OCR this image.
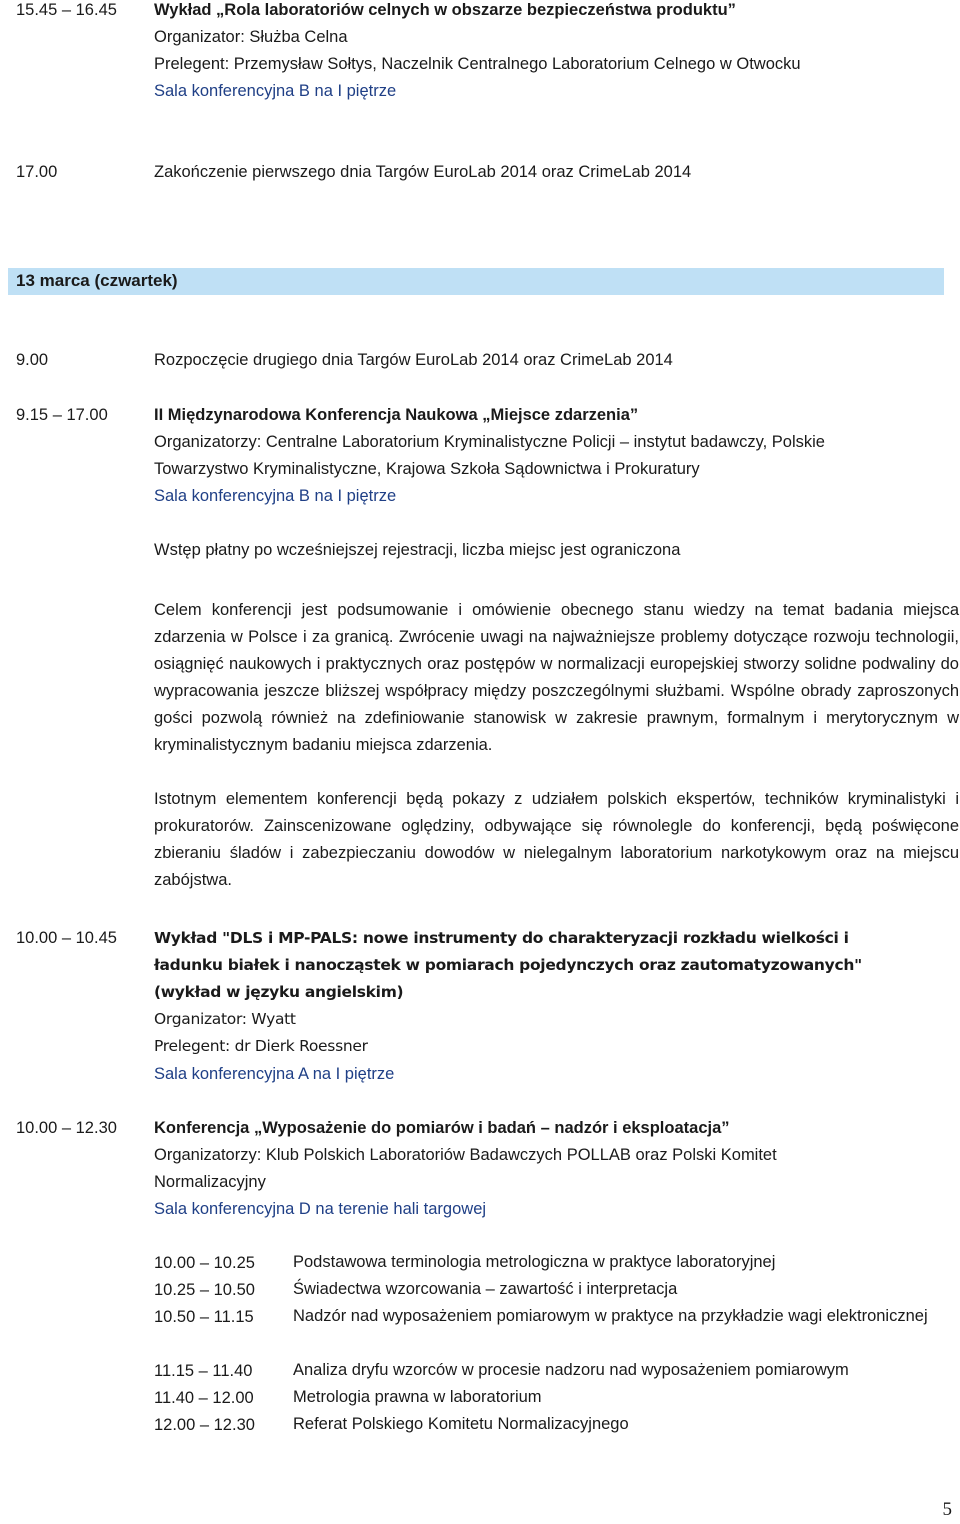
15.45 – 16.45 Wykład „Rola laboratoriów celnych w obszarze bezpieczeństwa produktu”
Organizator: Służba Celna
Prelegent: Przemysław Sołtys, Naczelnik Centralnego Laboratorium Celnego w Otwocku
Sala konferencyjna B na I piętrze
17.00	Zakończenie pierwszego dnia Targów EuroLab 2014 oraz CrimeLab 2014
13 marca (czwartek)
9.00	Rozpoczęcie drugiego dnia Targów EuroLab 2014 oraz CrimeLab 2014
9.15 – 17.00	II Międzynarodowa Konferencja Naukowa „Miejsce zdarzenia”
Organizatorzy: Centralne Laboratorium Kryminalistyczne Policji – instytut badawczy, Polskie
Towarzystwo Kryminalistyczne, Krajowa Szkoła Sądownictwa i Prokuratury
Sala konferencyjna B na I piętrze
Wstęp płatny po wcześniejszej rejestracji, liczba miejsc jest ograniczona
Celem konferencji jest podsumowanie i omówienie obecnego stanu wiedzy na temat badania miejsca zdarzenia w Polsce i za granicą. Zwrócenie uwagi na najważniejsze problemy dotyczące rozwoju technologii, osiągnięć naukowych i praktycznych oraz postępów w normalizacji europejskiej stworzy solidne podwaliny do wypracowania jeszcze bliższej współpracy między poszczególnymi służbami. Wspólne obrady zaproszonych gości pozwolą również na zdefiniowanie stanowisk w zakresie prawnym, formalnym i merytorycznym w kryminalistycznym badaniu miejsca zdarzenia.
Istotnym elementem konferencji będą pokazy z udziałem polskich ekspertów, techników kryminalistyki i prokuratorów. Zainscenizowane oględziny, odbywające się równolegle do konferencji, będą poświęcone zbieraniu śladów i zabezpieczaniu dowodów w nielegalnym laboratorium narkotykowym oraz na miejscu zabójstwa.
10.00 – 10.45 Wykład "DLS i MP-PALS: nowe instrumenty do charakteryzacji rozkładu wielkości i
ładunku białek i nanocząstek w pomiarach pojedynczych oraz zautomatyzowanych"
(wykład w języku angielskim)
Organizator: Wyatt
Prelegent: dr Dierk Roessner
Sala konferencyjna A na I piętrze
10.00 – 12.30 Konferencja „Wyposażenie do pomiarów i badań – nadzór i eksploatacja”
Organizatorzy: Klub Polskich Laboratoriów Badawczych POLLAB oraz Polski Komitet
Normalizacyjny
Sala konferencyjna D na terenie hali targowej
10.00 – 10.25 Podstawowa terminologia metrologiczna w praktyce laboratoryjnej
10.25 – 10.50 Świadectwa wzorcowania – zawartość i interpretacja
10.50 – 11.15 Nadzór nad wyposażeniem pomiarowym w praktyce na przykładzie wagi elektronicznej
11.15 – 11.40 Analiza dryfu wzorców w procesie nadzoru nad wyposażeniem pomiarowym
11.40 – 12.00 Metrologia prawna w laboratorium
12.00 – 12.30 Referat Polskiego Komitetu Normalizacyjnego
5
